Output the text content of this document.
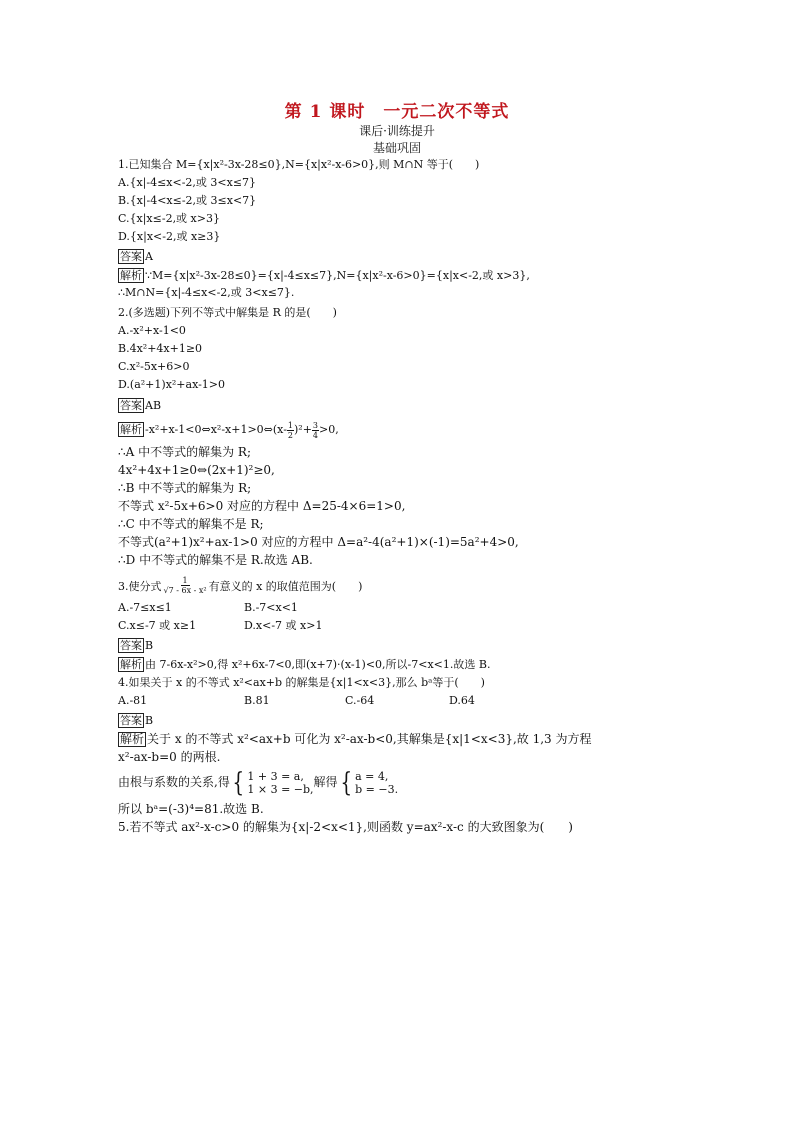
第 1 课时　一元二次不等式
课后·训练提升
基础巩固
1.已知集合 M={x|x²-3x-28≤0},N={x|x²-x-6>0},则 M∩N 等于(　　)
A.{x|-4≤x<-2,或 3<x≤7}
B.{x|-4<x≤-2,或 3≤x<7}
C.{x|x≤-2,或 x>3}
D.{x|x<-2,或 x≥3}
答案 A
解析 ∵M={x|x²-3x-28≤0}={x|-4≤x≤7},N={x|x²-x-6>0}={x|x<-2,或 x>3},
∴M∩N={x|-4≤x<-2,或 3<x≤7}.
2.(多选题)下列不等式中解集是 R 的是(　　)
A.-x²+x-1<0
B.4x²+4x+1≥0
C.x²-5x+6>0
D.(a²+1)x²+ax-1>0
答案 AB
解析 -x²+x-1<0⇔x²-x+1>0⇔(x- $\frac{1}{2} )^2+ \frac{3}{4} >0$,
∴A 中不等式的解集为 R;
4x²+4x+1≥0⇔(2x+1)²≥0,
∴B 中不等式的解集为 R;
不等式 x²-5x+6>0 对应的方程中 Δ=25-4×6=1>0,
∴C 中不等式的解集不是 R;
不等式(a²+1)x²+ax-1>0 对应的方程中 Δ=a²-4(a²+1)×(-1)=5a²+4>0,
∴D 中不等式的解集不是 R.故选 AB.
3.使分式 $\frac{1}{\text{√7 - 6x - x²}}$ 有意义的 x 的取值范围为(　　)
A.-7≤x≤1	B.-7<x<1
C.x≤-7 或 x≥1	D.x<-7 或 x>1
答案 B
解析 由 7-6x-x²>0,得 x²+6x-7<0,即(x+7)·(x-1)<0,所以-7<x<1.故选 B.
4.如果关于 x 的不等式 x²<ax+b 的解集是{x|1<x<3},那么 bᵃ等于(　　)
A.-81	B.81	C.-64	D.64
答案 B
解析 关于 x 的不等式 x²<ax+b 可化为 x²-ax-b<0,其解集是{x|1<x<3},故 1,3 为方程
x²-ax-b=0 的两根.
由根与系数的关系,得 { 1 + 3 = a,
1 × 3 = −b, 解得 { a = 4,
b = −3.
所以 bᵃ=(-3)⁴=81.故选 B.
5.若不等式 ax²-x-c>0 的解集为{x|-2<x<1},则函数 y=ax²-x-c 的大致图象为(　　)
